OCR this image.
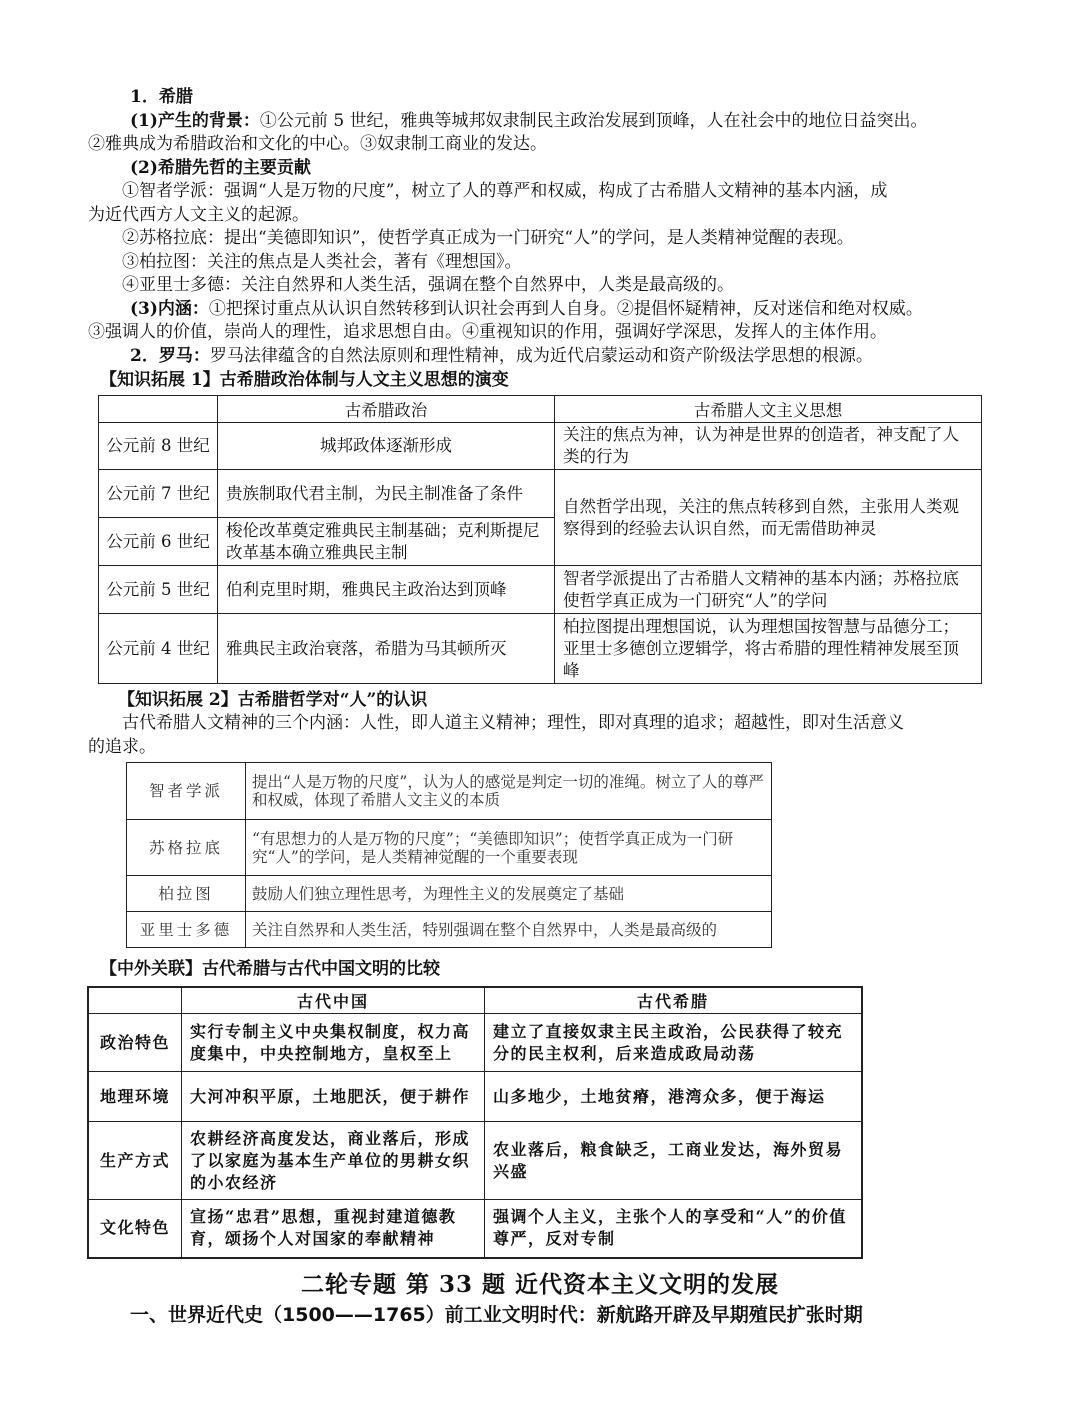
1．希腊

(1)产生的背景：①公元前 5 世纪，雅典等城邦奴隶制民主政治发展到顶峰，人在社会中的地位日益突出。

②雅典成为希腊政治和文化的中心。③奴隶制工商业的发达。

(2)希腊先哲的主要贡献

①智者学派：强调“人是万物的尺度”，树立了人的尊严和权威，构成了古希腊人文精神的基本内涵，成

为近代西方人文主义的起源。

②苏格拉底：提出“美德即知识”，使哲学真正成为一门研究“人”的学问，是人类精神觉醒的表现。

③柏拉图：关注的焦点是人类社会，著有《理想国》。

④亚里士多德：关注自然界和人类生活，强调在整个自然界中，人类是最高级的。

(3)内涵：①把探讨重点从认识自然转移到认识社会再到人自身。②提倡怀疑精神，反对迷信和绝对权威。

③强调人的价值，崇尚人的理性，追求思想自由。④重视知识的作用，强调好学深思，发挥人的主体作用。

2．罗马：罗马法律蕴含的自然法原则和理性精神，成为近代启蒙运动和资产阶级法学思想的根源。

【知识拓展 1】古希腊政治体制与人文主义思想的演变

	古希腊政治	古希腊人文主义思想
公元前 8 世纪	城邦政体逐渐形成	关注的焦点为神，认为神是世界的创造者，神支配了人类的行为
公元前 7 世纪	贵族制取代君主制，为民主制准备了条件	自然哲学出现，关注的焦点转移到自然，主张用人类观察得到的经验去认识自然，而无需借助神灵
公元前 6 世纪	梭伦改革奠定雅典民主制基础；克利斯提尼改革基本确立雅典民主制	
公元前 5 世纪	伯利克里时期，雅典民主政治达到顶峰	智者学派提出了古希腊人文精神的基本内涵；苏格拉底使哲学真正成为一门研究“人”的学问
公元前 4 世纪	雅典民主政治衰落，希腊为马其顿所灭	柏拉图提出理想国说，认为理想国按智慧与品德分工；亚里士多德创立逻辑学，将古希腊的理性精神发展至顶峰

【知识拓展 2】古希腊哲学对“人”的认识

古代希腊人文精神的三个内涵：人性，即人道主义精神；理性，即对真理的追求；超越性，即对生活意义

的追求。

智者学派	提出“人是万物的尺度”，认为人的感觉是判定一切的准绳。树立了人的尊严和权威，体现了希腊人文主义的本质
苏格拉底	“有思想力的人是万物的尺度”；“美德即知识”；使哲学真正成为一门研究“人”的学问，是人类精神觉醒的一个重要表现
柏拉图	鼓励人们独立理性思考，为理性主义的发展奠定了基础
亚里士多德	关注自然界和人类生活，特别强调在整个自然界中，人类是最高级的
【中外关联】古代希腊与古代中国文明的比较
	古代中国	古代希腊
政治特色	实行专制主义中央集权制度，权力高度集中，中央控制地方，皇权至上	建立了直接奴隶主民主政治，公民获得了较充分的民主权利，后来造成政局动荡
地理环境	大河冲积平原，土地肥沃，便于耕作	山多地少，土地贫瘠，港湾众多，便于海运
生产方式	农耕经济高度发达，商业落后，形成了以家庭为基本生产单位的男耕女织的小农经济	农业落后，粮食缺乏，工商业发达，海外贸易兴盛
文化特色	宣扬“忠君”思想，重视封建道德教育，颂扬个人对国家的奉献精神	强调个人主义，主张个人的享受和“人”的价值尊严，反对专制
二轮专题 第 33 题 近代资本主义文明的发展
一、世界近代史（1500——1765）前工业文明时代：新航路开辟及早期殖民扩张时期
